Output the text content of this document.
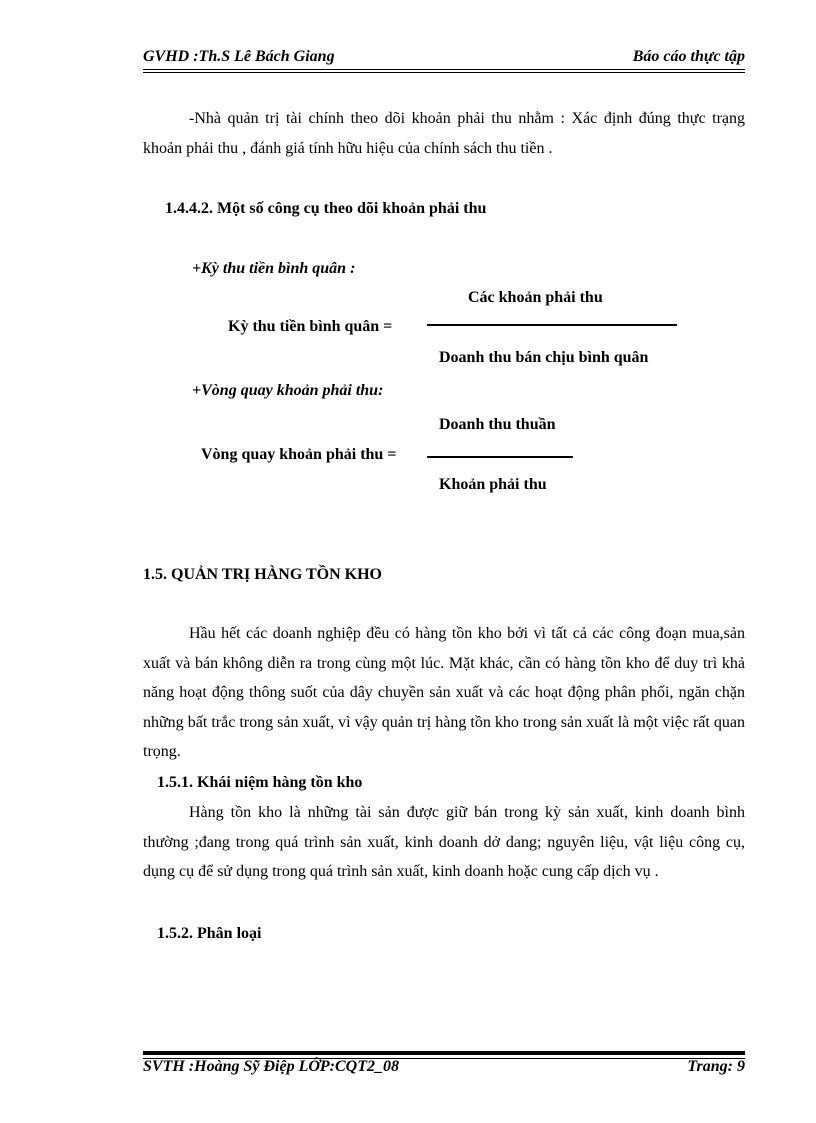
GVHD :Th.S Lê Bách Giang	Báo cáo thực tập
-Nhà quản trị tài chính theo dõi khoản phải thu nhằm : Xác định đúng thực trạng khoản phải thu , đánh giá tính hữu hiệu của chính sách thu tiền .
1.4.4.2. Một số công cụ theo dõi khoản phải thu
+Kỳ thu tiền bình quân :
Các khoản phải thu
Kỳ thu tiền bình quân =
Doanh thu bán chịu bình quân
+Vòng quay khoản phải thu:
Doanh thu thuần
Vòng quay khoản phải thu =
Khoản phải thu
1.5. QUẢN TRỊ HÀNG TỒN KHO
Hầu hết các doanh nghiệp đều có hàng tồn kho bởi vì tất cả các công đoạn mua,sản xuất và bán không diễn ra trong cùng một lúc. Mặt khác, cần có hàng tồn kho để duy trì khả năng hoạt động thông suốt của dây chuyền sản xuất và các hoạt động phân phối, ngăn chặn những bất trắc trong sản xuất, vì vậy quản trị hàng tồn kho trong sản xuất là một việc rất quan trọng.
1.5.1. Khái niệm hàng tồn kho
Hàng tồn kho là những tài sản được giữ bán trong kỳ sản xuất, kinh doanh bình thường ;đang trong quá trình sản xuất, kinh doanh dở dang; nguyên liệu, vật liệu công cụ, dụng cụ để sử dụng trong quá trình sản xuất, kinh doanh hoặc cung cấp dịch vụ .
1.5.2. Phân loại
SVTH :Hoàng Sỹ Điệp LỚP:CQT2_08	Trang: 9
